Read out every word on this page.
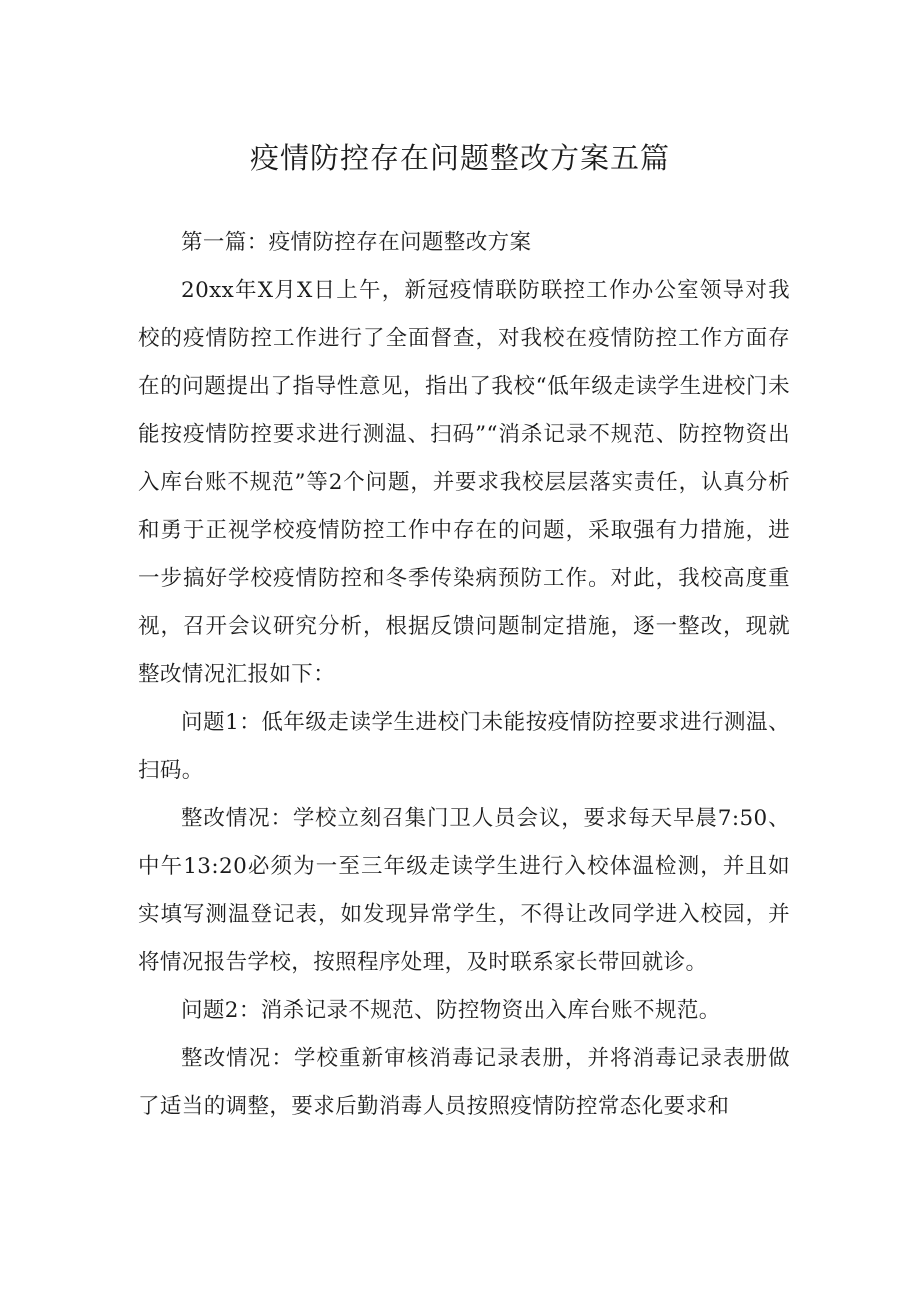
疫情防控存在问题整改方案五篇

第一篇：疫情防控存在问题整改方案

20xx年X月X日上午，新冠疫情联防联控工作办公室领导对我校的疫情防控工作进行了全面督查，对我校在疫情防控工作方面存在的问题提出了指导性意见，指出了我校“低年级走读学生进校门未能按疫情防控要求进行测温、扫码”“消杀记录不规范、防控物资出入库台账不规范”等2个问题，并要求我校层层落实责任，认真分析和勇于正视学校疫情防控工作中存在的问题，采取强有力措施，进一步搞好学校疫情防控和冬季传染病预防工作。对此，我校高度重视，召开会议研究分析，根据反馈问题制定措施，逐一整改，现就整改情况汇报如下：

问题1：低年级走读学生进校门未能按疫情防控要求进行测温、扫码。

整改情况：学校立刻召集门卫人员会议，要求每天早晨7:50、中午13:20必须为一至三年级走读学生进行入校体温检测，并且如实填写测温登记表，如发现异常学生，不得让改同学进入校园，并将情况报告学校，按照程序处理，及时联系家长带回就诊。

问题2：消杀记录不规范、防控物资出入库台账不规范。

整改情况：学校重新审核消毒记录表册，并将消毒记录表册做了适当的调整，要求后勤消毒人员按照疫情防控常态化要求和
